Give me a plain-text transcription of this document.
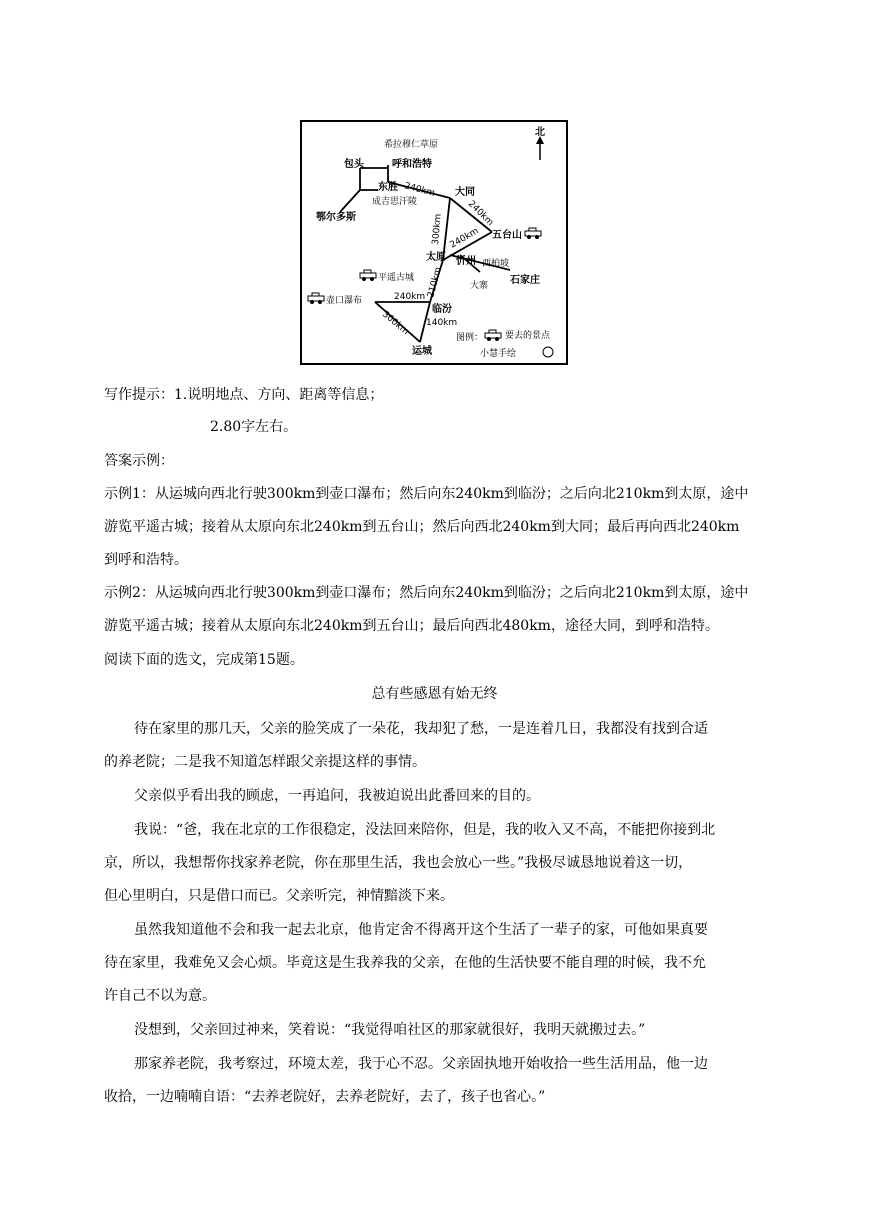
北
希拉穆仁草原
包头	呼和浩特
东胜
成吉思汗陵
鄂尔多斯
大同
五台山
太原 忻州 西柏坡
石家庄
平遥古城
大寨
壶口瀑布
临汾
运城
240km
240km
240km
300km
210km
240km
300km 140km
图例： 要去的景点
小慧手绘
写作提示：1.说明地点、方向、距离等信息；
2.80字左右。
答案示例：
示例1：从运城向西北行驶300km到壶口瀑布；然后向东240km到临汾；之后向北210km到太原，途中
游览平遥古城；接着从太原向东北240km到五台山；然后向西北240km到大同；最后再向西北240km
到呼和浩特。
示例2：从运城向西北行驶300km到壶口瀑布；然后向东240km到临汾；之后向北210km到太原，途中
游览平遥古城；接着从太原向东北240km到五台山；最后向西北480km，途径大同，到呼和浩特。
阅读下面的选文，完成第15题。
总有些感恩有始无终
待在家里的那几天，父亲的脸笑成了一朵花，我却犯了愁，一是连着几日，我都没有找到合适
的养老院；二是我不知道怎样跟父亲提这样的事情。
父亲似乎看出我的顾虑，一再追问，我被迫说出此番回来的目的。
我说：“爸，我在北京的工作很稳定，没法回来陪你，但是，我的收入又不高，不能把你接到北
京，所以，我想帮你找家养老院，你在那里生活，我也会放心一些。”我极尽诚恳地说着这一切，
但心里明白，只是借口而已。父亲听完，神情黯淡下来。
虽然我知道他不会和我一起去北京，他肯定舍不得离开这个生活了一辈子的家，可他如果真要
待在家里，我难免又会心烦。毕竟这是生我养我的父亲，在他的生活快要不能自理的时候，我不允
许自己不以为意。
没想到，父亲回过神来，笑着说：“我觉得咱社区的那家就很好，我明天就搬过去。”
那家养老院，我考察过，环境太差，我于心不忍。父亲固执地开始收拾一些生活用品，他一边
收拾，一边喃喃自语：“去养老院好，去养老院好，去了，孩子也省心。”
